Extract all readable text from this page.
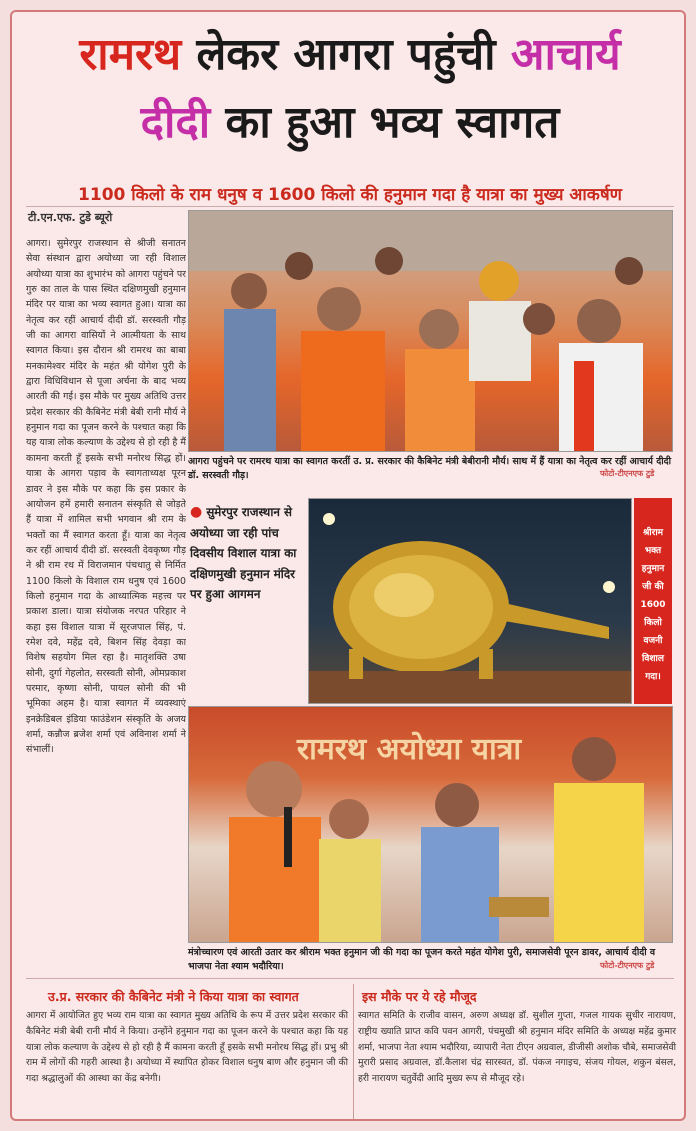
रामरथ लेकर आगरा पहुंची आचार्य
दीदी का हुआ भव्य स्वागत
1100 किलो के राम धनुष व 1600 किलो की हनुमान गदा है यात्रा का मुख्य आकर्षण
टी.एन.एफ. टुडे ब्यूरो
आगरा। सुमेरपुर राजस्थान से श्रीजी सनातन सेवा संस्थान द्वारा अयोध्या जा रही विशाल अयोध्या यात्रा का शुभारंभ को आगरा पहुंचने पर गुरु का ताल के पास स्थित दक्षिणमुखी हनुमान मंदिर पर यात्रा का भव्य स्वागत हुआ। यात्रा का नेतृत्व कर रहीं आचार्य दीदी डॉ. सरस्वती गौड़ जी का आगरा वासियों ने आत्मीयता के साथ स्वागत किया। इस दौरान श्री रामरथ का बाबा मनकामेश्वर मंदिर के महंत श्री योगेश पुरी के द्वारा विधिविधान से पूजा अर्चना के बाद भव्य आरती की गई। इस मौके पर मुख्य अतिथि उत्तर प्रदेश सरकार की कैबिनेट मंत्री बेबी रानी मौर्य ने हनुमान गदा का पूजन करने के पश्चात कहा कि यह यात्रा लोक कल्याण के उद्देश्य से हो रही है मैं कामना करती हूँ इसके सभी मनोरथ सिद्ध हों। यात्रा के आगरा पड़ाव के स्वागताध्यक्ष पूरन डावर ने इस मौके पर कहा कि इस प्रकार के आयोजन हमें हमारी सनातन संस्कृति से जोड़ते हैं यात्रा में शामिल सभी भगवान श्री राम के भक्तों का मैं स्वागत करता हूँ। यात्रा का नेतृत्व कर रहीं आचार्य दीदी डॉ. सरस्वती देवकृष्ण गौड़ ने श्री राम रथ में विराजमान पंचधातु से निर्मित 1100 किलो के विशाल राम धनुष एवं 1600 किलो हनुमान गदा के आध्यात्मिक महत्त्व पर प्रकाश डाला। यात्रा संयोजक नरपत परिहार ने कहा इस विशाल यात्रा में सूरजपाल सिंह, पं. रमेश दवे, महेंद्र दवे, बिशन सिंह देवड़ा का विशेष सहयोग मिल रहा है। मातृशक्ति उषा सोनी, दुर्गा गेहलोत, सरस्वती सोनी, ओमप्रकाश परमार, कृष्णा सोनी, पायल सोनी की भी भूमिका अहम है। यात्रा स्वागत में व्यवस्थाएं इनक्रेडिबल इंडिया फाउंडेशन संस्कृति के अजय शर्मा, कन्नौज ब्रजेश शर्मा एवं अविनाश शर्मा ने संभालीं।
आगरा पहुंचने पर रामरथ यात्रा का स्वागत करतीं उ. प्र. सरकार की कैबिनेट मंत्री बेबीरानी मौर्य। साथ में हैं यात्रा का नेतृत्व कर रहीं आचार्य दीदी डॉ. सरस्वती गौड़।	फोटो-टीएनएफ टुडे
● सुमेरपुर राजस्थान से अयोध्या जा रही पांच दिवसीय विशाल यात्रा का दक्षिणमुखी हनुमान मंदिर पर हुआ आगमन
श्रीराम
भक्त
हनुमान
जी की
1600
किलो
वजनी
विशाल
गदा।
रामरथ अयोध्या यात्रा
मंत्रोच्चारण एवं आरती उतार कर श्रीराम भक्त हनुमान जी की गदा का पूजन करते महंत योगेश पुरी, समाजसेवी पूरन डावर, आचार्य दीदी व भाजपा नेता श्याम भदौरिया।	फोटो-टीएनएफ टुडे
उ.प्र. सरकार की कैबिनेट मंत्री ने किया यात्रा का स्वागत
आगरा में आयोजित हुए भव्य राम यात्रा का स्वागत मुख्य अतिथि के रूप में उत्तर प्रदेश सरकार की कैबिनेट मंत्री बेबी रानी मौर्य ने किया। उन्होंने हनुमान गदा का पूजन करने के पश्चात कहा कि यह यात्रा लोक कल्याण के उद्देश्य से हो रही है मैं कामना करती हूँ इसके सभी मनोरथ सिद्ध हों। प्रभु श्री राम में लोगों की गहरी आस्था है। अयोध्या में स्थापित होकर विशाल धनुष बाण और हनुमान जी की गदा श्रद्धालुओं की आस्था का केंद्र बनेगी।
इस मौके पर ये रहे मौजूद
स्वागत समिति के राजीव वासन, अरुण अध्यक्ष डॉ. सुशील गुप्ता, गजल गायक सुधीर नारायण, राष्ट्रीय ख्याति प्राप्त कवि पवन आगरी, पंचमुखी श्री हनुमान मंदिर समिति के अध्यक्ष महेंद्र कुमार शर्मा, भाजपा नेता श्याम भदौरिया, व्यापारी नेता टीएन अग्रवाल, डीजीसी अशोक चौबे, समाजसेवी मुरारी प्रसाद अग्रवाल, डॉ.कैलाश चंद्र सारस्वत, डॉ. पंकज नगाइच, संजय गोयल, शकुन बंसल, हरी नारायण चतुर्वेदी आदि मुख्य रूप से मौजूद रहे।
